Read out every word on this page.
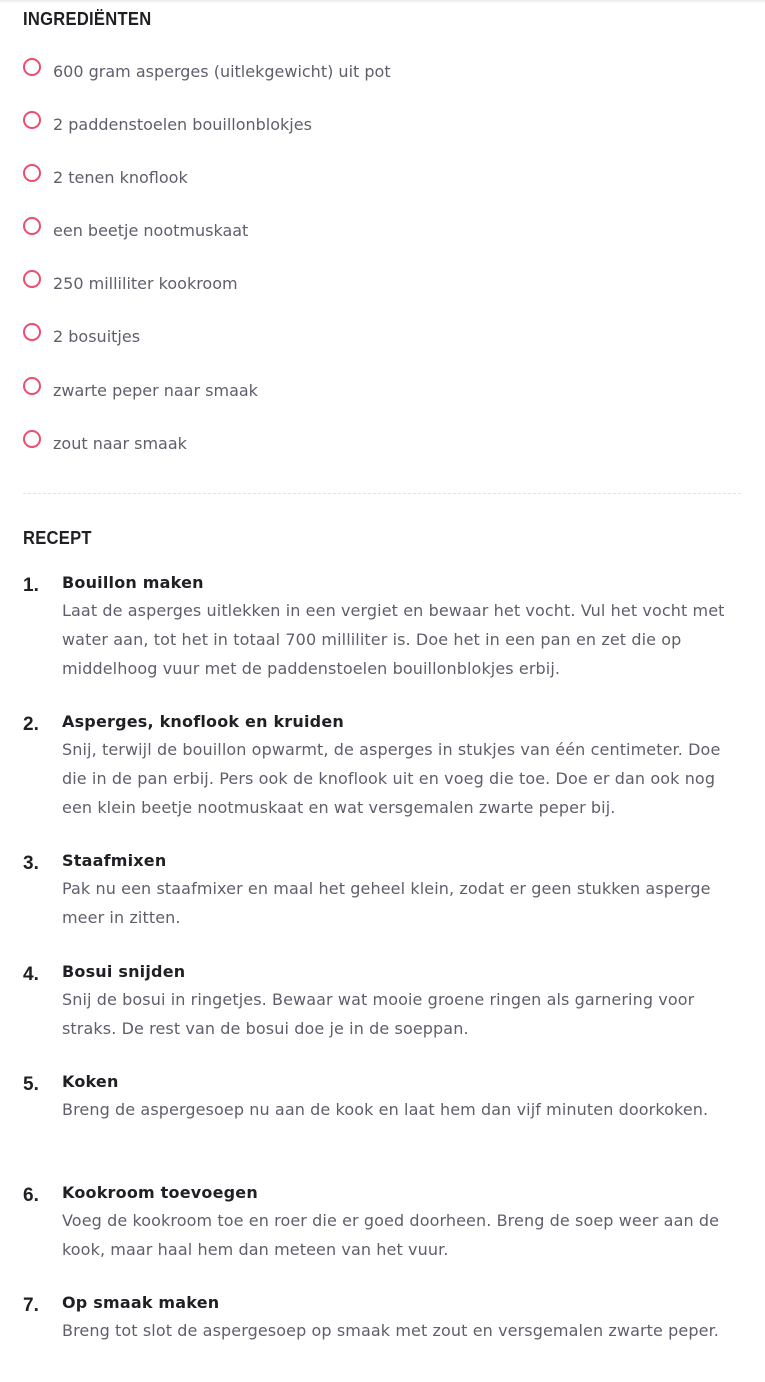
INGREDIËNTEN
600 gram asperges (uitlekgewicht) uit pot
2 paddenstoelen bouillonblokjes
2 tenen knoflook
een beetje nootmuskaat
250 milliliter kookroom
2 bosuitjes
zwarte peper naar smaak
zout naar smaak
RECEPT
1. Bouillon maken

Laat de asperges uitlekken in een vergiet en bewaar het vocht. Vul het vocht met water aan, tot het in totaal 700 milliliter is. Doe het in een pan en zet die op middelhoog vuur met de paddenstoelen bouillonblokjes erbij.

2. Asperges, knoflook en kruiden

Snij, terwijl de bouillon opwarmt, de asperges in stukjes van één centimeter. Doe die in de pan erbij. Pers ook de knoflook uit en voeg die toe. Doe er dan ook nog een klein beetje nootmuskaat en wat versgemalen zwarte peper bij.

3. Staafmixen

Pak nu een staafmixer en maal het geheel klein, zodat er geen stukken asperge meer in zitten.

4. Bosui snijden

Snij de bosui in ringetjes. Bewaar wat mooie groene ringen als garnering voor straks. De rest van de bosui doe je in de soeppan.

5. Koken

Breng de aspergesoep nu aan de kook en laat hem dan vijf minuten doorkoken.

6. Kookroom toevoegen

Voeg de kookroom toe en roer die er goed doorheen. Breng de soep weer aan de kook, maar haal hem dan meteen van het vuur.

7. Op smaak maken

Breng tot slot de aspergesoep op smaak met zout en versgemalen zwarte peper.
